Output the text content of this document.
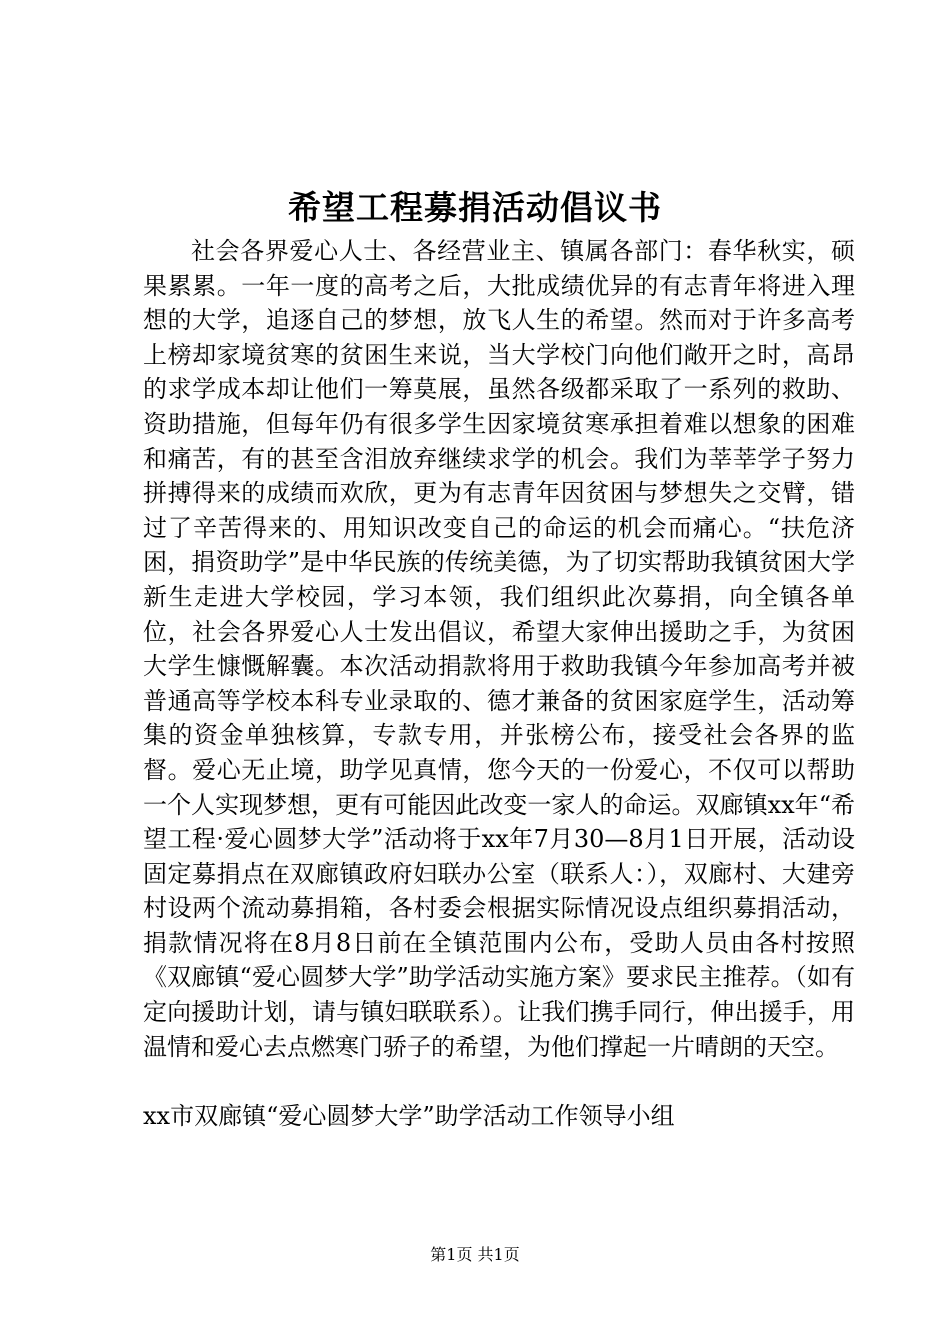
希望工程募捐活动倡议书

社会各界爱心人士、各经营业主、镇属各部门：春华秋实，硕果累累。一年一度的高考之后，大批成绩优异的有志青年将进入理想的大学，追逐自己的梦想，放飞人生的希望。然而对于许多高考上榜却家境贫寒的贫困生来说，当大学校门向他们敞开之时，高昂的求学成本却让他们一筹莫展，虽然各级都采取了一系列的救助、资助措施，但每年仍有很多学生因家境贫寒承担着难以想象的困难和痛苦，有的甚至含泪放弃继续求学的机会。我们为莘莘学子努力拼搏得来的成绩而欢欣，更为有志青年因贫困与梦想失之交臂，错过了辛苦得来的、用知识改变自己的命运的机会而痛心。“扶危济困，捐资助学”是中华民族的传统美德，为了切实帮助我镇贫困大学新生走进大学校园，学习本领，我们组织此次募捐，向全镇各单位，社会各界爱心人士发出倡议，希望大家伸出援助之手，为贫困大学生慷慨解囊。本次活动捐款将用于救助我镇今年参加高考并被普通高等学校本科专业录取的、德才兼备的贫困家庭学生，活动筹集的资金单独核算，专款专用，并张榜公布，接受社会各界的监督。爱心无止境，助学见真情，您今天的一份爱心，不仅可以帮助一个人实现梦想，更有可能因此改变一家人的命运。双廊镇xx年“希望工程·爱心圆梦大学”活动将于xx年7月30—8月1日开展，活动设固定募捐点在双廊镇政府妇联办公室（联系人：），双廊村、大建旁村设两个流动募捐箱，各村委会根据实际情况设点组织募捐活动，捐款情况将在8月8日前在全镇范围内公布，受助人员由各村按照《双廊镇“爱心圆梦大学”助学活动实施方案》要求民主推荐。（如有定向援助计划，请与镇妇联联系）。让我们携手同行，伸出援手，用温情和爱心去点燃寒门骄子的希望，为他们撑起一片晴朗的天空。

xx市双廊镇“爱心圆梦大学”助学活动工作领导小组

第1页 共1页
